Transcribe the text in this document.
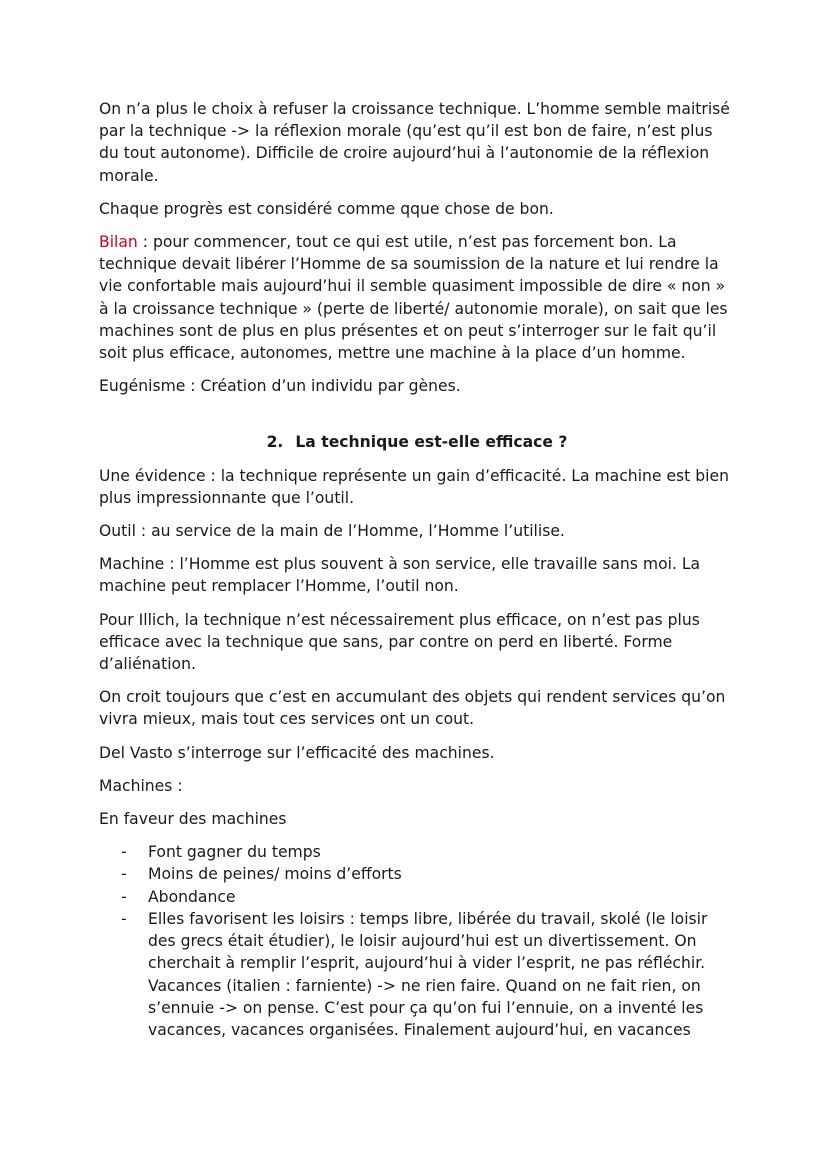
On n’a plus le choix à refuser la croissance technique. L’homme semble maitrisé par la technique -> la réflexion morale (qu’est qu’il est bon de faire, n’est plus du tout autonome). Difficile de croire aujourd’hui à l’autonomie de la réflexion morale.

Chaque progrès est considéré comme qque chose de bon.

Bilan : pour commencer, tout ce qui est utile, n’est pas forcement bon. La technique devait libérer l’Homme de sa soumission de la nature et lui rendre la vie confortable mais aujourd’hui il semble quasiment impossible de dire « non » à la croissance technique » (perte de liberté/ autonomie morale), on sait que les machines sont de plus en plus présentes et on peut s’interroger sur le fait qu’il soit plus efficace, autonomes, mettre une machine à la place d’un homme.

Eugénisme : Création d’un individu par gènes.

2. La technique est-elle efficace ?

Une évidence : la technique représente un gain d’efficacité. La machine est bien plus impressionnante que l’outil.

Outil : au service de la main de l’Homme, l’Homme l’utilise.

Machine : l’Homme est plus souvent à son service, elle travaille sans moi. La machine peut remplacer l’Homme, l’outil non.

Pour Illich, la technique n’est nécessairement plus efficace, on n’est pas plus efficace avec la technique que sans, par contre on perd en liberté. Forme d’aliénation.

On croit toujours que c’est en accumulant des objets qui rendent services qu’on vivra mieux, mais tout ces services ont un cout.

Del Vasto s’interroge sur l’efficacité des machines.

Machines :

En faveur des machines

- Font gagner du temps
- Moins de peines/ moins d’efforts
- Abondance
- Elles favorisent les loisirs : temps libre, libérée du travail, skolé (le loisir des grecs était étudier), le loisir aujourd’hui est un divertissement. On cherchait à remplir l’esprit, aujourd’hui à vider l’esprit, ne pas réfléchir. Vacances (italien : farniente) -> ne rien faire. Quand on ne fait rien, on s’ennuie -> on pense. C’est pour ça qu’on fui l’ennuie, on a inventé les vacances, vacances organisées. Finalement aujourd’hui, en vacances
